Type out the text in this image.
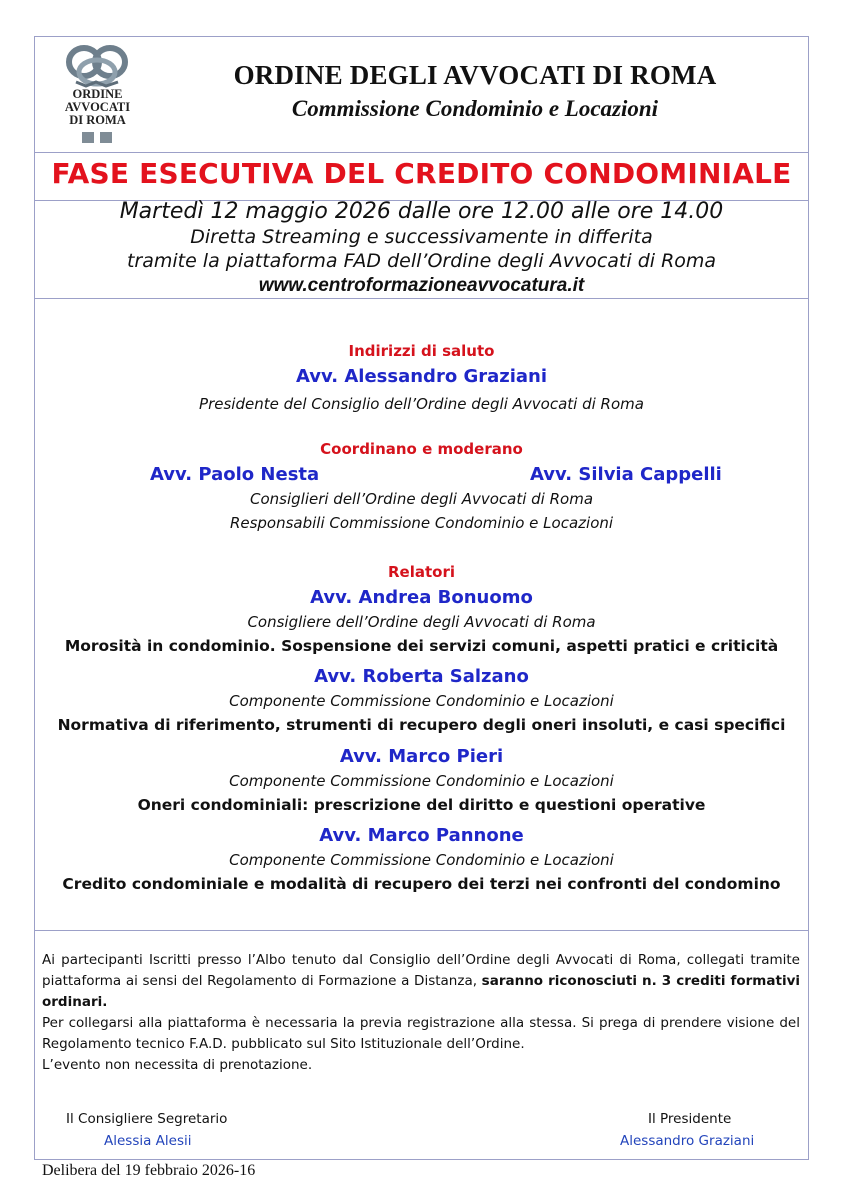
ORDINE
AVVOCATI
DI ROMA
ORDINE DEGLI AVVOCATI DI ROMA
Commissione Condominio e Locazioni
FASE ESECUTIVA DEL CREDITO CONDOMINIALE
Martedì 12 maggio 2026 dalle ore 12.00 alle ore 14.00
Diretta Streaming e successivamente in differita
tramite la piattaforma FAD dell’Ordine degli Avvocati di Roma
www.centroformazioneavvocatura.it
Indirizzi di saluto
Avv. Alessandro Graziani
Presidente del Consiglio dell’Ordine degli Avvocati di Roma
Coordinano e moderano
Avv. Paolo Nesta	Avv. Silvia Cappelli
Consiglieri dell’Ordine degli Avvocati di Roma
Responsabili Commissione Condominio e Locazioni
Relatori
Avv. Andrea Bonuomo
Consigliere dell’Ordine degli Avvocati di Roma
Morosità in condominio. Sospensione dei servizi comuni, aspetti pratici e criticità
Avv. Roberta Salzano
Componente Commissione Condominio e Locazioni
Normativa di riferimento, strumenti di recupero degli oneri insoluti, e casi specifici
Avv. Marco Pieri
Componente Commissione Condominio e Locazioni
Oneri condominiali: prescrizione del diritto e questioni operative
Avv. Marco Pannone
Componente Commissione Condominio e Locazioni
Credito condominiale e modalità di recupero dei terzi nei confronti del condomino

Ai partecipanti Iscritti presso l’Albo tenuto dal Consiglio dell’Ordine degli Avvocati di Roma, collegati tramite piattaforma ai sensi del Regolamento di Formazione a Distanza, saranno riconosciuti n. 3 crediti formativi ordinari.

Per collegarsi alla piattaforma è necessaria la previa registrazione alla stessa. Si prega di prendere visione del Regolamento tecnico F.A.D. pubblicato sul Sito Istituzionale dell’Ordine.

L’evento non necessita di prenotazione.

Il Consigliere Segretario
Alessia Alesii
Il Presidente
Alessandro Graziani
Delibera del 19 febbraio 2026-16
